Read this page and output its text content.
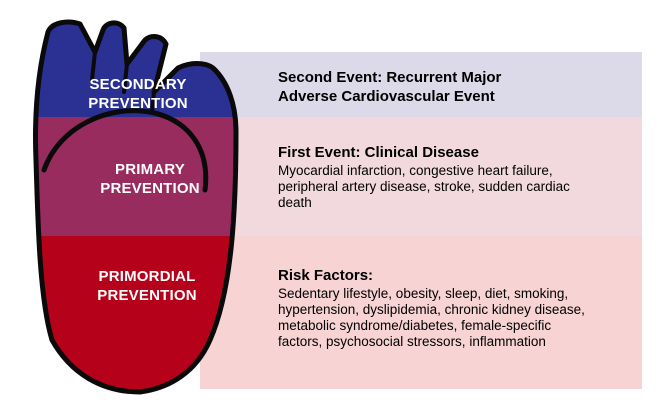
SECONDARY
PREVENTION
PRIMARY
PREVENTION
PRIMORDIAL
PREVENTION
Second Event: Recurrent Major
Adverse Cardiovascular Event
First Event: Clinical Disease
Myocardial infarction, congestive heart failure,
peripheral artery disease, stroke, sudden cardiac
death
Risk Factors:
Sedentary lifestyle, obesity, sleep, diet, smoking,
hypertension, dyslipidemia, chronic kidney disease,
metabolic syndrome/diabetes, female-specific
factors, psychosocial stressors, inflammation
